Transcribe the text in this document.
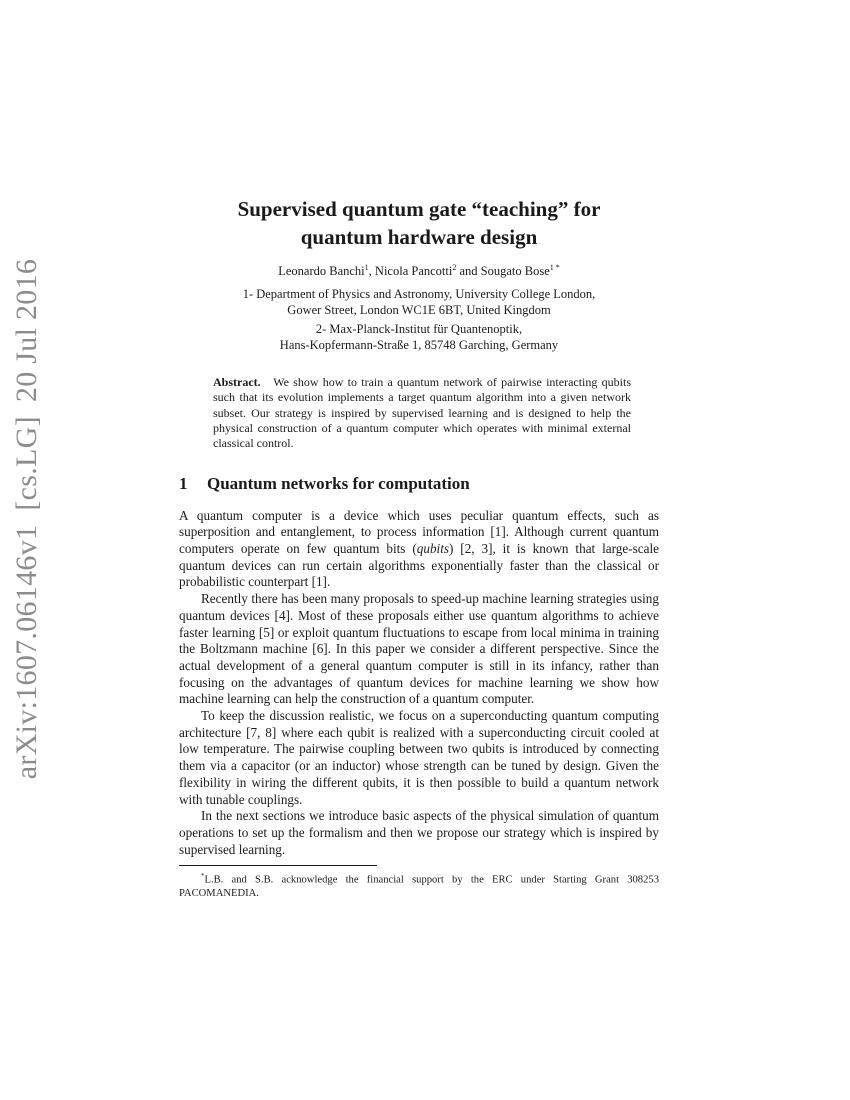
arXiv:1607.06146v1[cs.LG]20 Jul 2016
Supervised quantum gate “teaching” for
quantum hardware design
Leonardo Banchi$^1$, Nicola Pancotti$^2$ and Sougato Bose$^{1 *}$
1- Department of Physics and Astronomy, University College London,
Gower Street, London WC1E 6BT, United Kingdom
2- Max-Planck-Institut für Quantenoptik,
Hans-Kopfermann-Straße 1, 85748 Garching, Germany
Abstract. We show how to train a quantum network of pairwise interacting qubits such that its evolution implements a target quantum algorithm into a given network subset. Our strategy is inspired by supervised learning and is designed to help the physical construction of a quantum computer which operates with minimal external classical control.
1 Quantum networks for computation

A quantum computer is a device which uses peculiar quantum effects, such as superposition and entanglement, to process information [1]. Although current quantum computers operate on few quantum bits (qubits) [2, 3], it is known that large-scale quantum devices can run certain algorithms exponentially faster than the classical or probabilistic counterpart [1].

Recently there has been many proposals to speed-up machine learning strategies using quantum devices [4]. Most of these proposals either use quantum algorithms to achieve faster learning [5] or exploit quantum fluctuations to escape from local minima in training the Boltzmann machine [6]. In this paper we consider a different perspective. Since the actual development of a general quantum computer is still in its infancy, rather than focusing on the advantages of quantum devices for machine learning we show how machine learning can help the construction of a quantum computer.

To keep the discussion realistic, we focus on a superconducting quantum computing architecture [7, 8] where each qubit is realized with a superconducting circuit cooled at low temperature. The pairwise coupling between two qubits is introduced by connecting them via a capacitor (or an inductor) whose strength can be tuned by design. Given the flexibility in wiring the different qubits, it is then possible to build a quantum network with tunable couplings.

In the next sections we introduce basic aspects of the physical simulation of quantum operations to set up the formalism and then we propose our strategy which is inspired by supervised learning.

*L.B. and S.B. acknowledge the financial support by the ERC under Starting Grant 308253 PACOMANEDIA.
